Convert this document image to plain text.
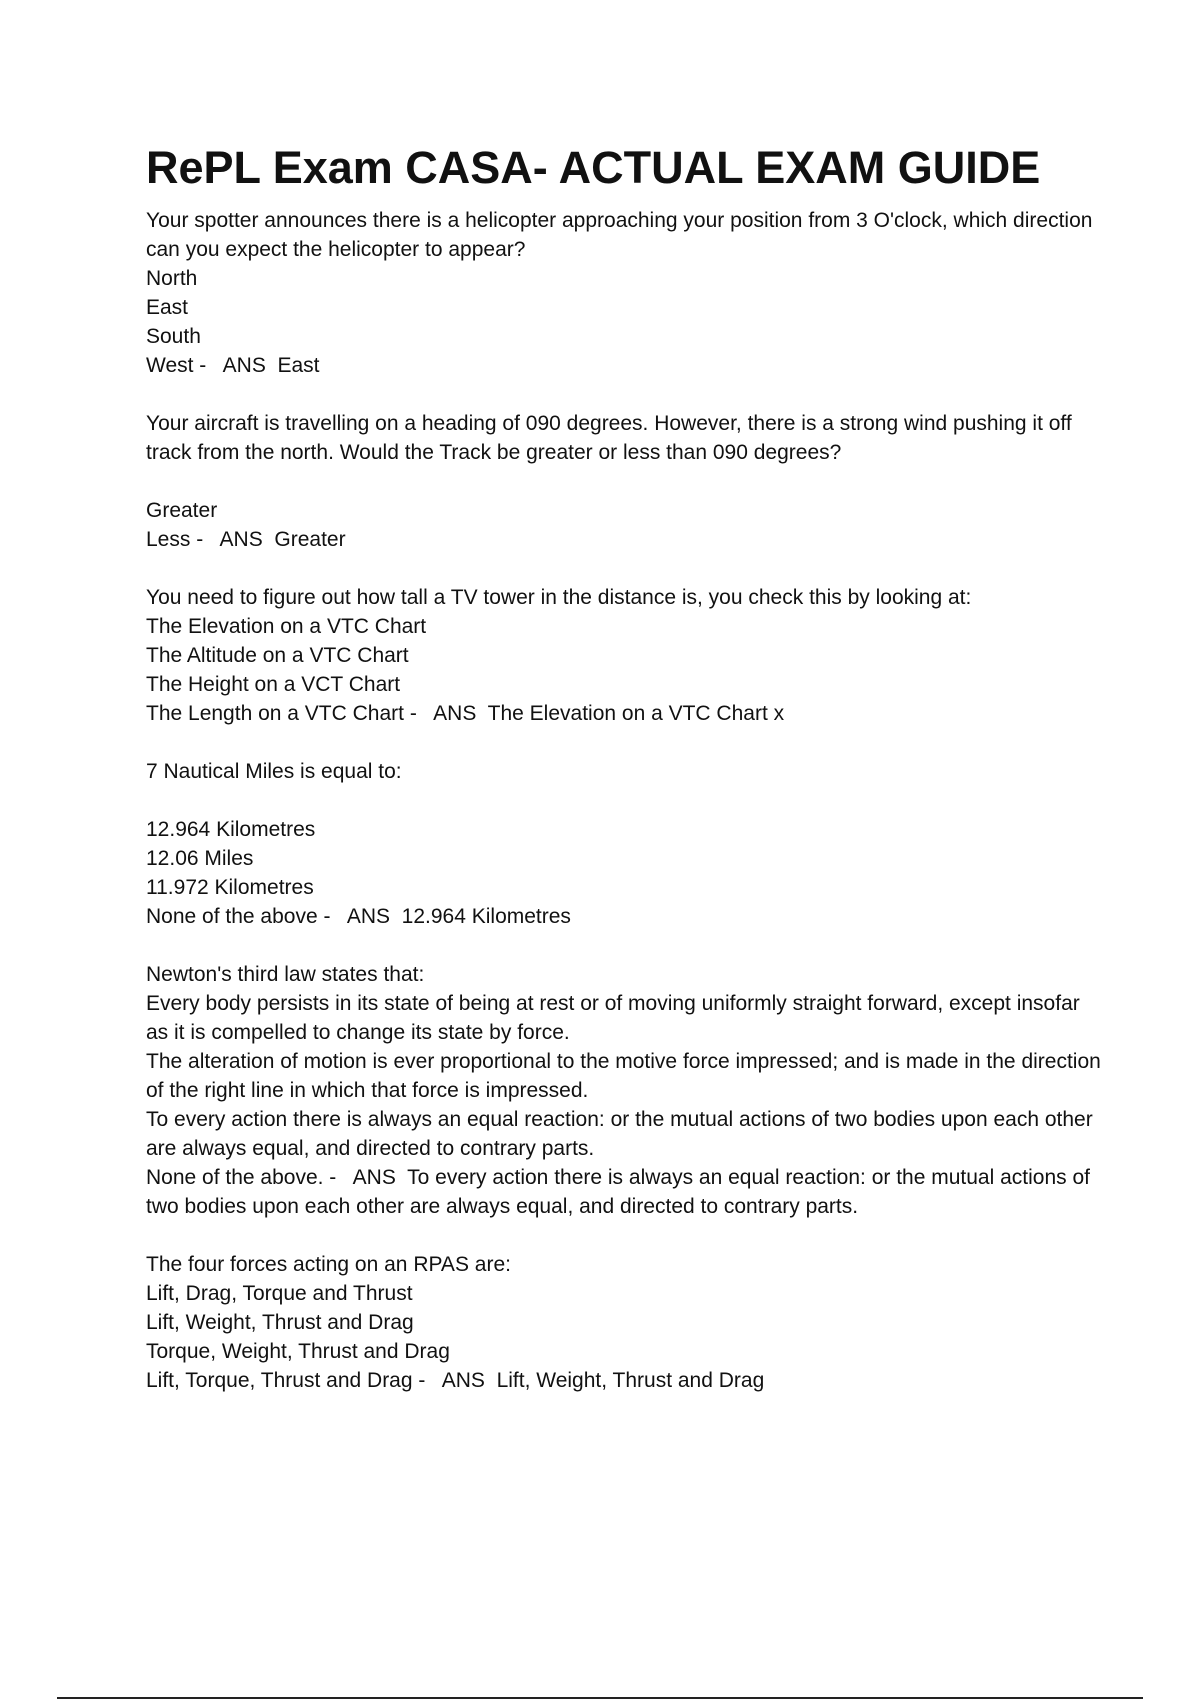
RePL Exam CASA- ACTUAL EXAM GUIDE

Your spotter announces there is a helicopter approaching your position from 3 O'clock, which direction can you expect the helicopter to appear?

North

East

South

West -   ANS  East

Your aircraft is travelling on a heading of 090 degrees. However, there is a strong wind pushing it off track from the north. Would the Track be greater or less than 090 degrees?

Greater

Less -   ANS  Greater

You need to figure out how tall a TV tower in the distance is, you check this by looking at:

The Elevation on a VTC Chart

The Altitude on a VTC Chart

The Height on a VCT Chart

The Length on a VTC Chart -   ANS  The Elevation on a VTC Chart x

7 Nautical Miles is equal to:

12.964 Kilometres

12.06 Miles

11.972 Kilometres

None of the above -   ANS  12.964 Kilometres

Newton's third law states that:

Every body persists in its state of being at rest or of moving uniformly straight forward, except insofar as it is compelled to change its state by force.

The alteration of motion is ever proportional to the motive force impressed; and is made in the direction of the right line in which that force is impressed.

To every action there is always an equal reaction: or the mutual actions of two bodies upon each other are always equal, and directed to contrary parts.

None of the above. -   ANS  To every action there is always an equal reaction: or the mutual actions of two bodies upon each other are always equal, and directed to contrary parts.

The four forces acting on an RPAS are:

Lift, Drag, Torque and Thrust

Lift, Weight, Thrust and Drag

Torque, Weight, Thrust and Drag

Lift, Torque, Thrust and Drag -   ANS  Lift, Weight, Thrust and Drag
